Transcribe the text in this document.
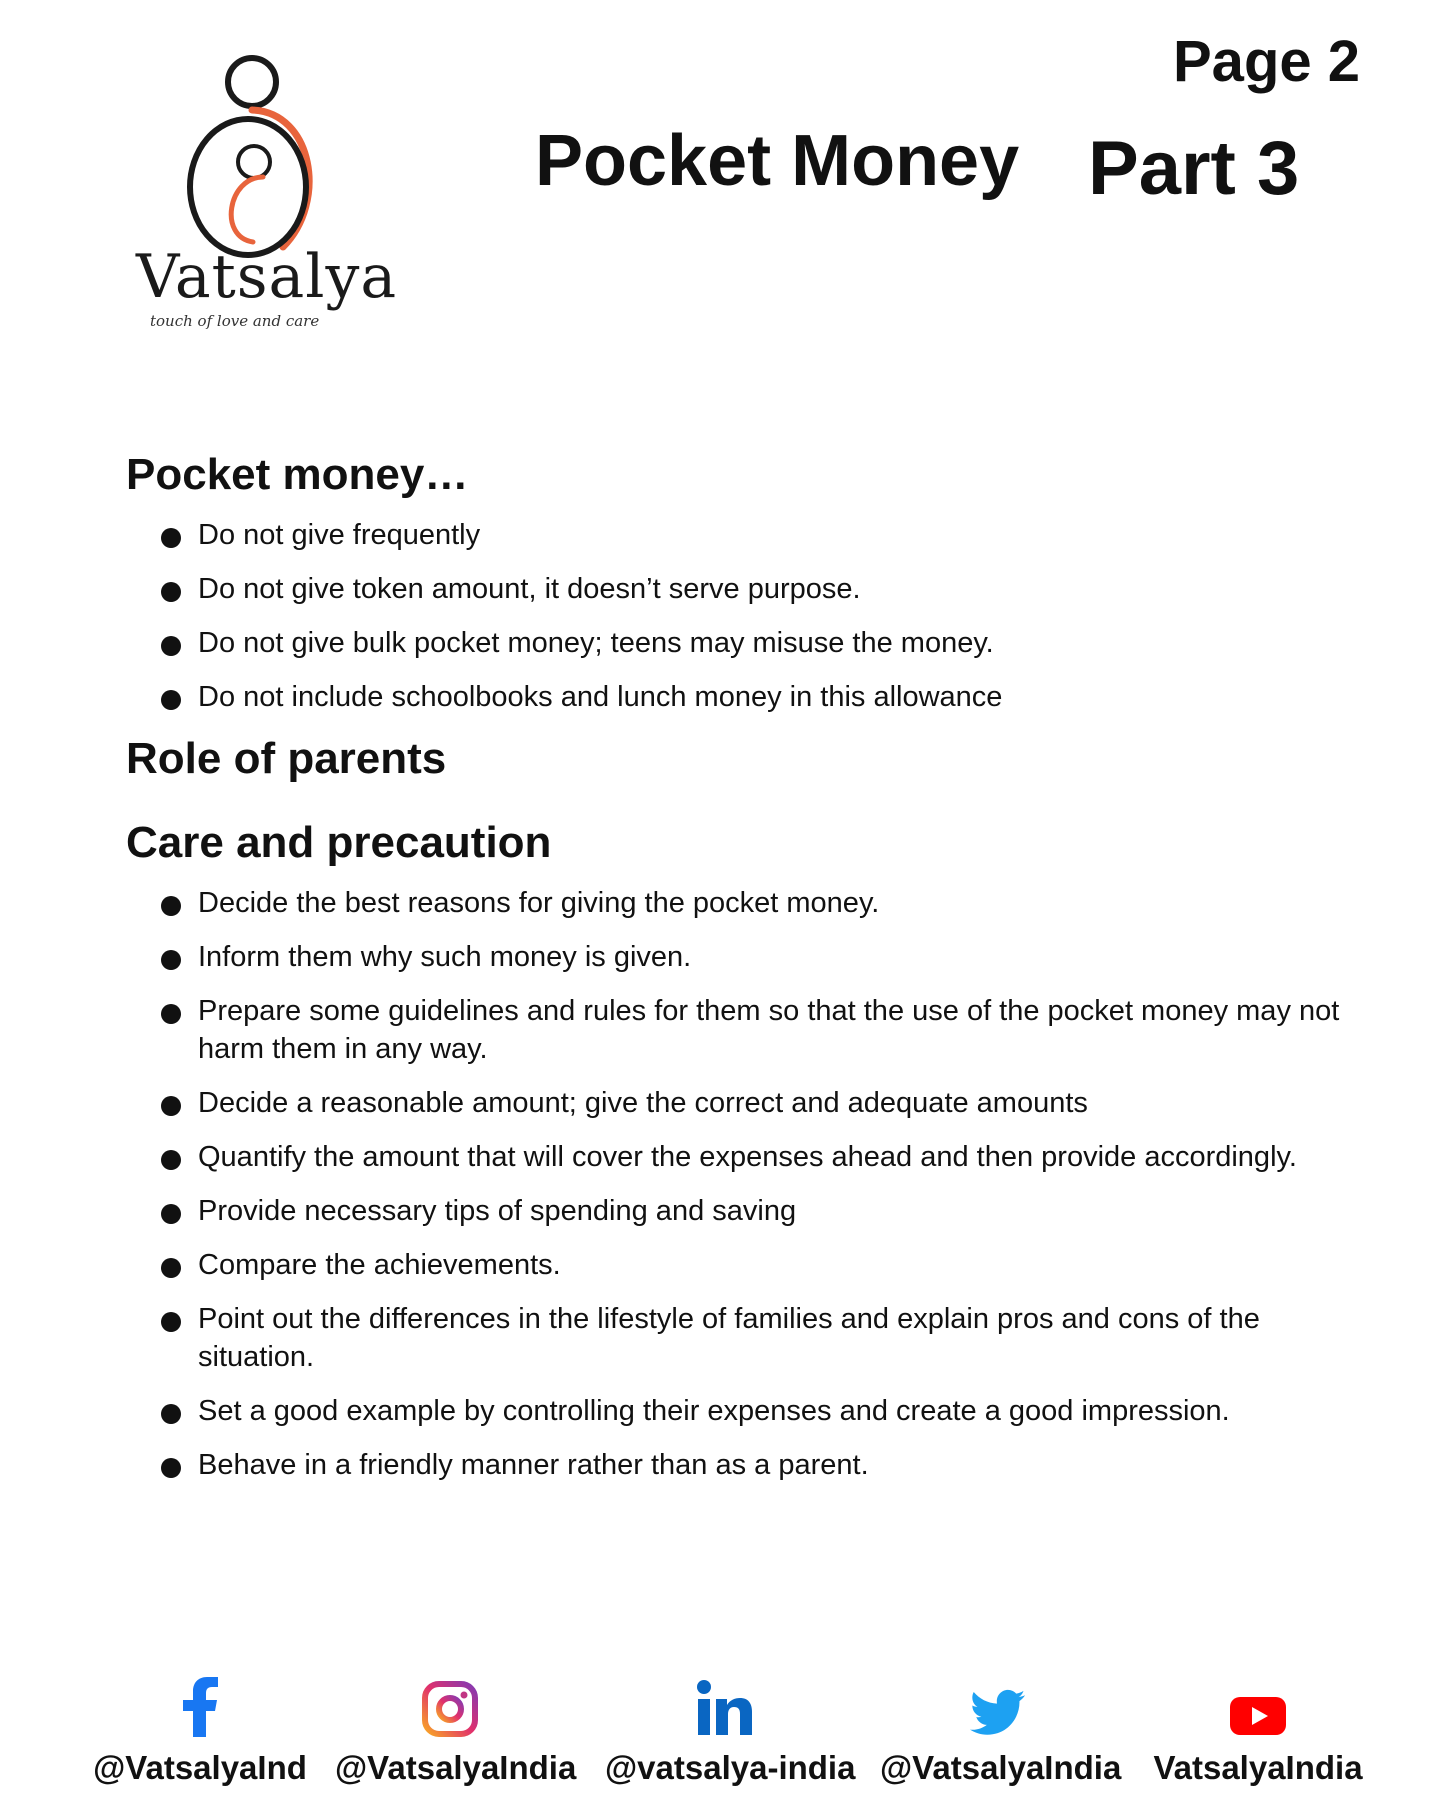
Vatsalya
touch of love and care
Page 2
Pocket Money Part 3
Pocket money…
Do not give frequently
Do not give token amount, it doesn’t serve purpose.
Do not give bulk pocket money; teens may misuse the money.
Do not include schoolbooks and lunch money in this allowance
Role of parents
Care and precaution
Decide the best reasons for giving the pocket money.
Inform them why such money is given.
Prepare some guidelines and rules for them so that the use of the pocket money may not harm them in any way.
Decide a reasonable amount; give the correct and adequate amounts
Quantify the amount that will cover the expenses ahead and then provide accordingly.
Provide necessary tips of spending and saving
Compare the achievements.
Point out the differences in the lifestyle of families and explain pros and cons of the situation.
Set a good example by controlling their expenses and create a good impression.
Behave in a friendly manner rather than as a parent.
@VatsalyaInd @VatsalyaIndia @vatsalya-india @VatsalyaIndia VatsalyaIndia
